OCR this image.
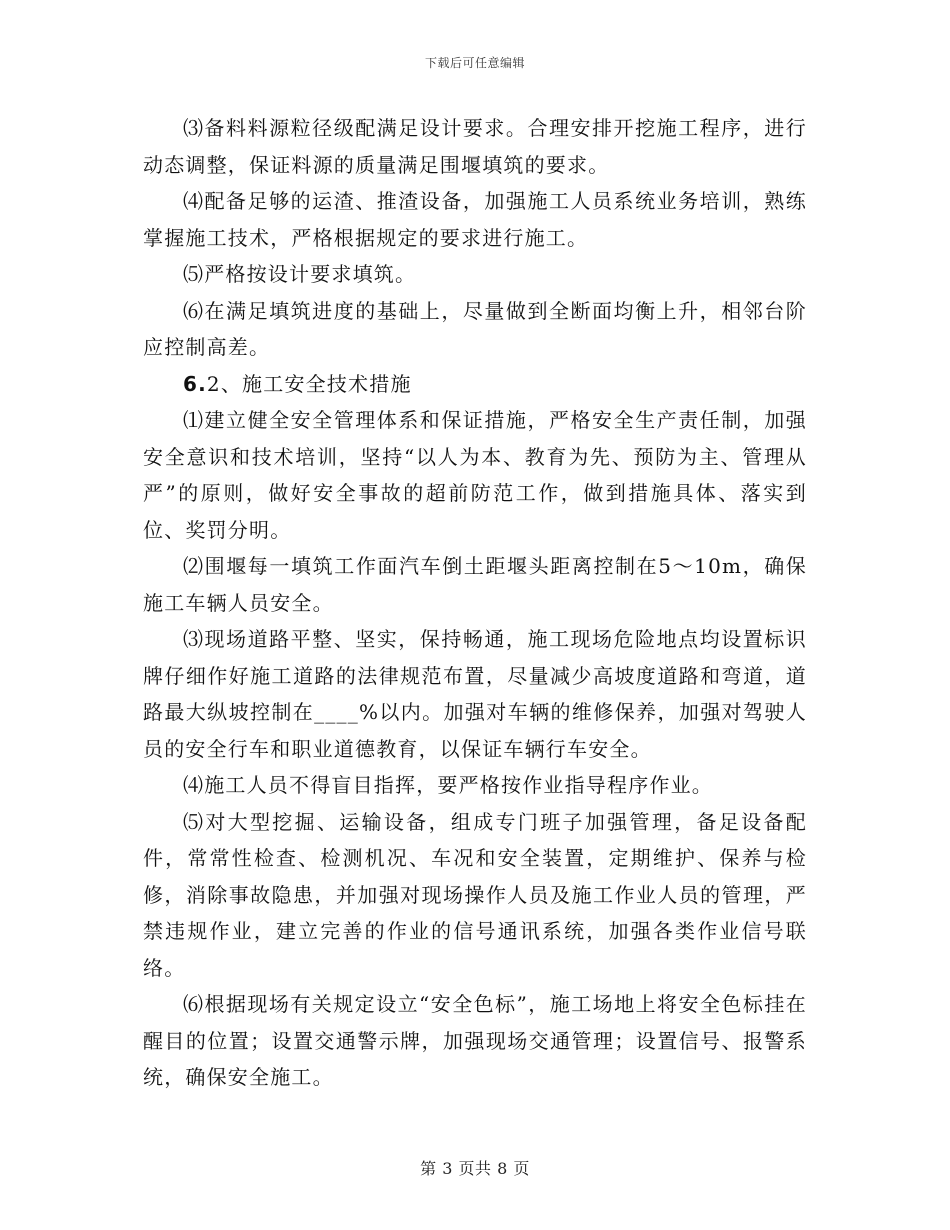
下载后可任意编辑

⑶备料料源粒径级配满足设计要求。合理安排开挖施工程序，进行动态调整，保证料源的质量满足围堰填筑的要求。

⑷配备足够的运渣、推渣设备，加强施工人员系统业务培训，熟练掌握施工技术，严格根据规定的要求进行施工。

⑸严格按设计要求填筑。

⑹在满足填筑进度的基础上，尽量做到全断面均衡上升，相邻台阶应控制高差。

6.2、施工安全技术措施

⑴建立健全安全管理体系和保证措施，严格安全生产责任制，加强安全意识和技术培训，坚持“以人为本、教育为先、预防为主、管理从严”的原则，做好安全事故的超前防范工作，做到措施具体、落实到位、奖罚分明。

⑵围堰每一填筑工作面汽车倒土距堰头距离控制在5～10m，确保施工车辆人员安全。

⑶现场道路平整、坚实，保持畅通，施工现场危险地点均设置标识牌仔细作好施工道路的法律规范布置，尽量减少高坡度道路和弯道，道路最大纵坡控制在____%以内。加强对车辆的维修保养，加强对驾驶人员的安全行车和职业道德教育，以保证车辆行车安全。

⑷施工人员不得盲目指挥，要严格按作业指导程序作业。

⑸对大型挖掘、运输设备，组成专门班子加强管理，备足设备配件，常常性检查、检测机况、车况和安全装置，定期维护、保养与检修，消除事故隐患，并加强对现场操作人员及施工作业人员的管理，严禁违规作业，建立完善的作业的信号通讯系统，加强各类作业信号联络。

⑹根据现场有关规定设立“安全色标”，施工场地上将安全色标挂在醒目的位置；设置交通警示牌，加强现场交通管理；设置信号、报警系统，确保安全施工。

第 3 页共 8 页
